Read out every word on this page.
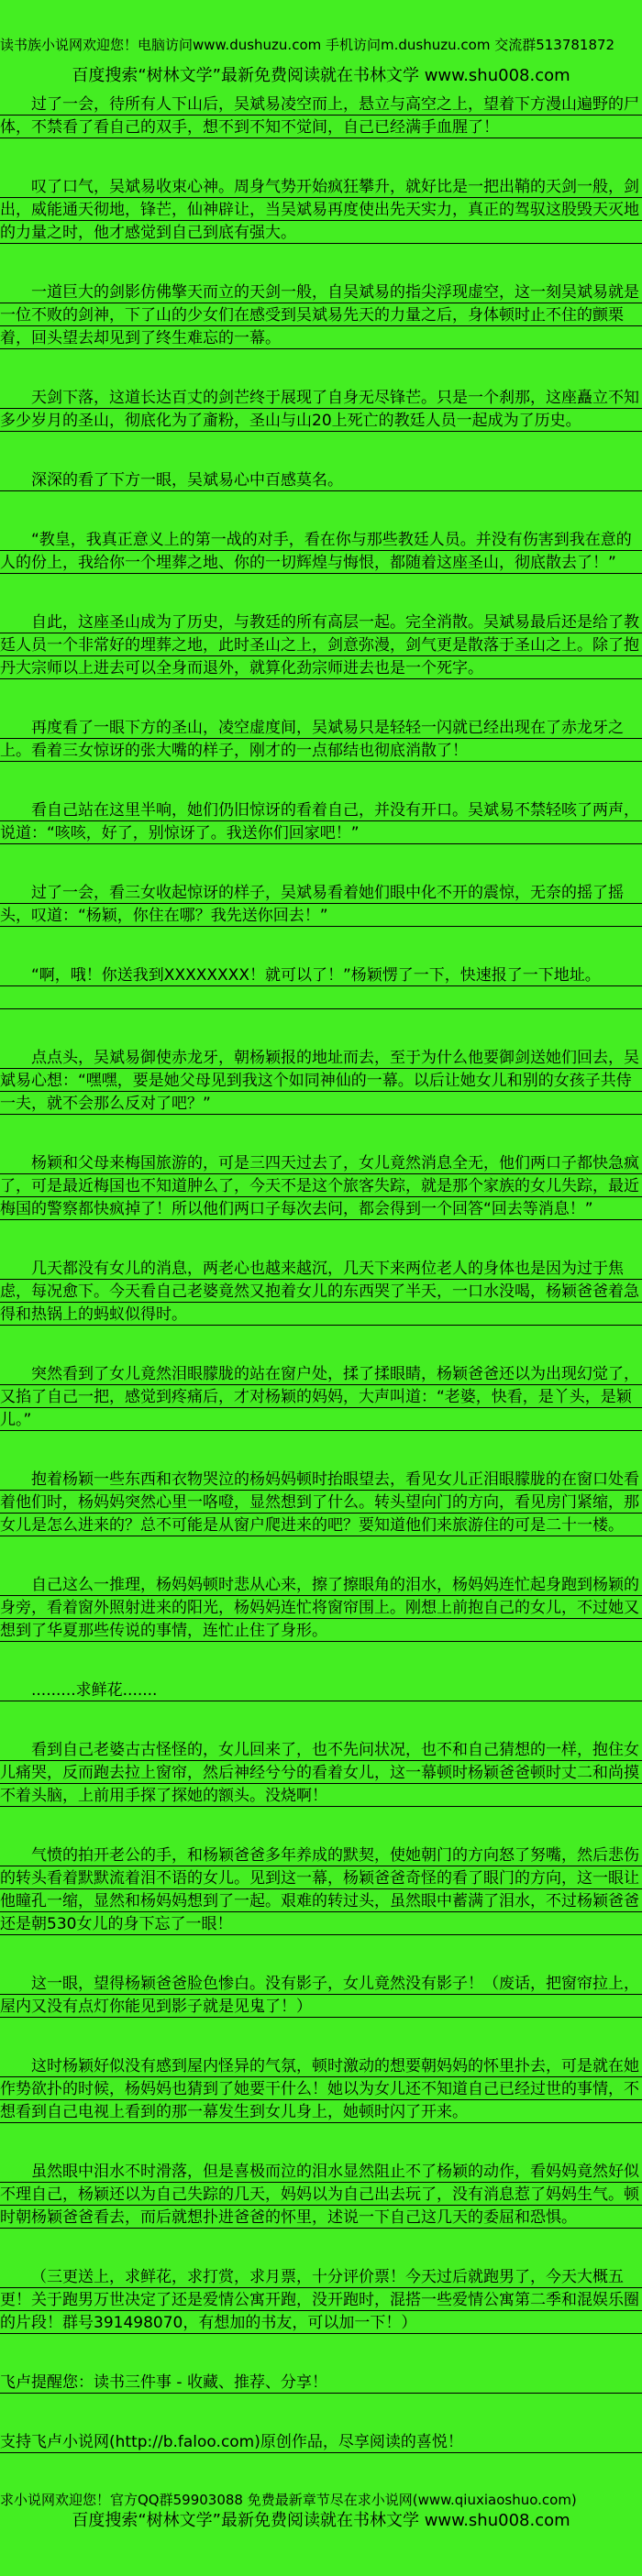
读书族小说网欢迎您！电脑访问www.dushuzu.com 手机访问m.dushuzu.com 交流群513781872
百度搜索“树林文学”最新免费阅读就在书林文学 www.shu008.com

过了一会，待所有人下山后，吴斌易凌空而上，悬立与高空之上，望着下方漫山遍野的尸体，不禁看了看自己的双手，想不到不知不觉间，自己已经满手血腥了！

叹了口气，吴斌易收束心神。周身气势开始疯狂攀升，就好比是一把出鞘的天剑一般，剑出，威能通天彻地，锋芒，仙神辟让，当吴斌易再度使出先天实力，真正的驾驭这股毁天灭地的力量之时，他才感觉到自己到底有强大。

一道巨大的剑影仿佛擎天而立的天剑一般，自吴斌易的指尖浮现虚空，这一刻吴斌易就是一位不败的剑神，下了山的少女们在感受到吴斌易先天的力量之后，身体顿时止不住的颤栗着，回头望去却见到了终生难忘的一幕。

天剑下落，这道长达百丈的剑芒终于展现了自身无尽锋芒。只是一个刹那，这座矗立不知多少岁月的圣山，彻底化为了齑粉，圣山与山20上死亡的教廷人员一起成为了历史。

深深的看了下方一眼，吴斌易心中百感莫名。

“教皇，我真正意义上的第一战的对手，看在你与那些教廷人员。并没有伤害到我在意的人的份上，我给你一个埋葬之地、你的一切辉煌与悔恨，都随着这座圣山，彻底散去了！”

自此，这座圣山成为了历史，与教廷的所有高层一起。完全消散。吴斌易最后还是给了教廷人员一个非常好的埋葬之地，此时圣山之上，剑意弥漫，剑气更是散落于圣山之上。除了抱丹大宗师以上进去可以全身而退外，就算化劲宗师进去也是一个死字。

再度看了一眼下方的圣山，凌空虚度间，吴斌易只是轻轻一闪就已经出现在了赤龙牙之上。看着三女惊讶的张大嘴的样子，刚才的一点郁结也彻底消散了！

看自己站在这里半响，她们仍旧惊讶的看着自己，并没有开口。吴斌易不禁轻咳了两声，说道：“咳咳，好了，别惊讶了。我送你们回家吧！”

过了一会，看三女收起惊讶的样子，吴斌易看着她们眼中化不开的震惊，无奈的摇了摇头，叹道：“杨颖，你住在哪？我先送你回去！”

“啊，哦！你送我到XXXXXXXX！就可以了！”杨颖愣了一下，快速报了一下地址。

点点头，吴斌易御使赤龙牙，朝杨颖报的地址而去，至于为什么他要御剑送她们回去，吴斌易心想：“嘿嘿，要是她父母见到我这个如同神仙的一幕。以后让她女儿和别的女孩子共侍一夫，就不会那么反对了吧？”

杨颖和父母来梅国旅游的，可是三四天过去了，女儿竟然消息全无，他们两口子都快急疯了，可是最近梅国也不知道肿么了，今天不是这个旅客失踪，就是那个家族的女儿失踪，最近梅国的警察都快疯掉了！所以他们两口子每次去问，都会得到一个回答“回去等消息！”

几天都没有女儿的消息，两老心也越来越沉，几天下来两位老人的身体也是因为过于焦虑，每况愈下。今天看自己老婆竟然又抱着女儿的东西哭了半天，一口水没喝，杨颖爸爸着急得和热锅上的蚂蚁似得时。

突然看到了女儿竟然泪眼朦胧的站在窗户处，揉了揉眼睛，杨颖爸爸还以为出现幻觉了，又掐了自己一把，感觉到疼痛后，才对杨颖的妈妈，大声叫道：“老婆，快看，是丫头，是颖儿。”

抱着杨颖一些东西和衣物哭泣的杨妈妈顿时抬眼望去，看见女儿正泪眼朦胧的在窗口处看着他们时，杨妈妈突然心里一咯噔，显然想到了什么。转头望向门的方向，看见房门紧缩，那女儿是怎么进来的？总不可能是从窗户爬进来的吧？要知道他们来旅游住的可是二十一楼。

自己这么一推理，杨妈妈顿时悲从心来，擦了擦眼角的泪水，杨妈妈连忙起身跑到杨颖的身旁，看着窗外照射进来的阳光，杨妈妈连忙将窗帘围上。刚想上前抱自己的女儿，不过她又想到了华夏那些传说的事情，连忙止住了身形。

.........求鲜花.......

看到自己老婆古古怪怪的，女儿回来了，也不先问状况，也不和自己猜想的一样，抱住女儿痛哭，反而跑去拉上窗帘，然后神经兮兮的看着女儿，这一幕顿时杨颖爸爸顿时丈二和尚摸不着头脑，上前用手探了探她的额头。没烧啊！

气愤的拍开老公的手，和杨颖爸爸多年养成的默契，使她朝门的方向怒了努嘴，然后悲伤的转头看着默默流着泪不语的女儿。见到这一幕，杨颖爸爸奇怪的看了眼门的方向，这一眼让他瞳孔一缩，显然和杨妈妈想到了一起。艰难的转过头，虽然眼中蓄满了泪水，不过杨颖爸爸还是朝530女儿的身下忘了一眼！

这一眼，望得杨颖爸爸脸色惨白。没有影子，女儿竟然没有影子！（废话，把窗帘拉上，屋内又没有点灯你能见到影子就是见鬼了！）

这时杨颖好似没有感到屋内怪异的气氛，顿时激动的想要朝妈妈的怀里扑去，可是就在她作势欲扑的时候，杨妈妈也猜到了她要干什么！她以为女儿还不知道自己已经过世的事情，不想看到自己电视上看到的那一幕发生到女儿身上，她顿时闪了开来。

虽然眼中泪水不时滑落，但是喜极而泣的泪水显然阻止不了杨颖的动作，看妈妈竟然好似不理自己，杨颖还以为自己失踪的几天，妈妈以为自己出去玩了，没有消息惹了妈妈生气。顿时朝杨颖爸爸看去，而后就想扑进爸爸的怀里，述说一下自己这几天的委屈和恐惧。

（三更送上，求鲜花，求打赏，求月票，十分评价票！今天过后就跑男了，今天大概五更！关于跑男万世决定了还是爱情公寓开跑，没开跑时，混搭一些爱情公寓第二季和混娱乐圈的片段！群号391498070，有想加的书友，可以加一下！）

飞卢提醒您：读书三件事 - 收藏、推荐、分享！

支持飞卢小说网(http://b.faloo.com)原创作品，尽享阅读的喜悦！

求小说网欢迎您！官方QQ群59903088 免费最新章节尽在求小说网(www.qiuxiaoshuo.com)
百度搜索“树林文学”最新免费阅读就在书林文学 www.shu008.com
